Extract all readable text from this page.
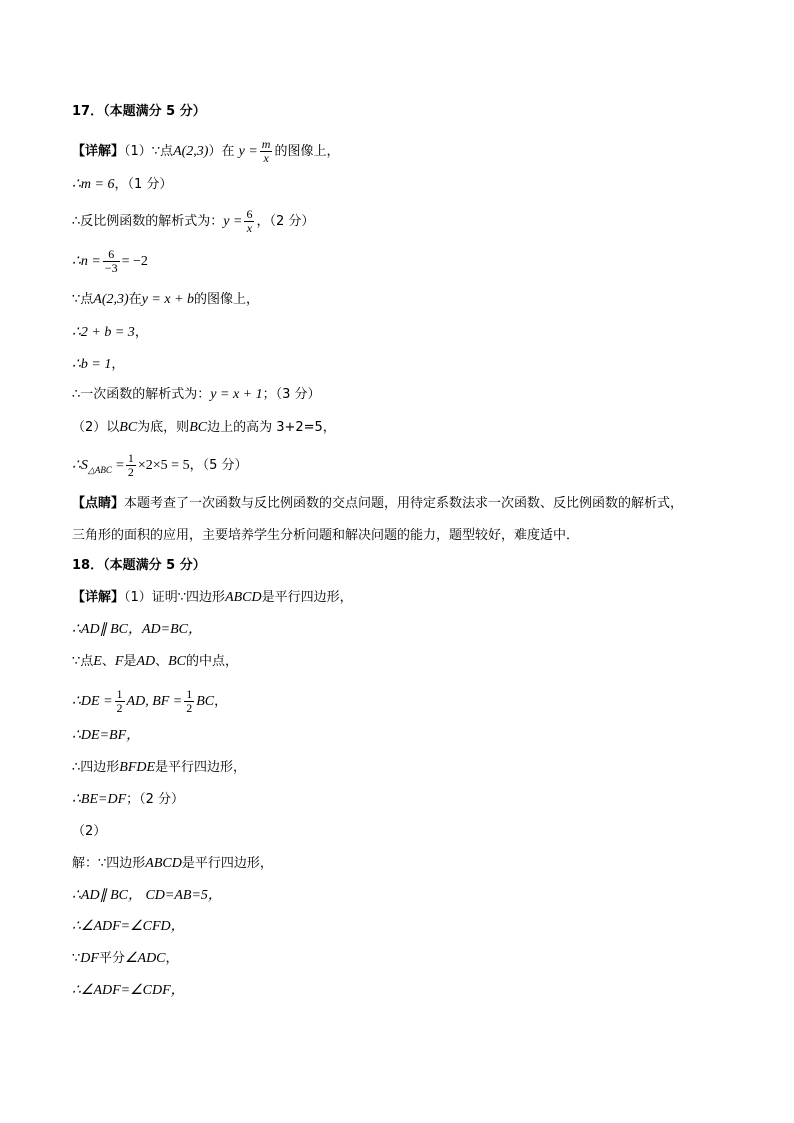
17．（本题满分 5 分）
【详解】（1）∵点A(2,3)）在 $y = \frac{m}{x}$ 的图像上，
∴m = 6，（1 分）
∴反比例函数的解析式为：$y = \frac{6}{x}$ ，（2 分）
∴n = $\frac{6}{-3} = -2$
∵点A(2,3)在y = x + b的图像上，
∴2 + b = 3，
∴b = 1，
∴一次函数的解析式为：y = x + 1；（3 分）
（2）以BC为底，则BC边上的高为 3+2=5，
$\therefore S_{\triangle ABC} = \frac{1}{2} \times 2\times 5 = 5$，（5 分）
【点睛】本题考查了一次函数与反比例函数的交点问题，用待定系数法求一次函数、反比例函数的解析式，
三角形的面积的应用，主要培养学生分析问题和解决问题的能力，题型较好，难度适中．
18．（本题满分 5 分）
【详解】（1）证明∵四边形ABCD是平行四边形，
∴AD∥ BC，AD=BC，
∵点E、F是AD、BC的中点，
∴DE = $\frac{1}{2}$ AD, BF = $\frac{1}{2}$ BC，
∴DE=BF，
∴四边形BFDE是平行四边形，
∴BE=DF；（2 分）
（2）
解：∵四边形ABCD是平行四边形，
∴AD∥ BC， CD=AB=5，
∴∠ADF=∠CFD，
∵DF平分∠ADC，
∴∠ADF=∠CDF，
